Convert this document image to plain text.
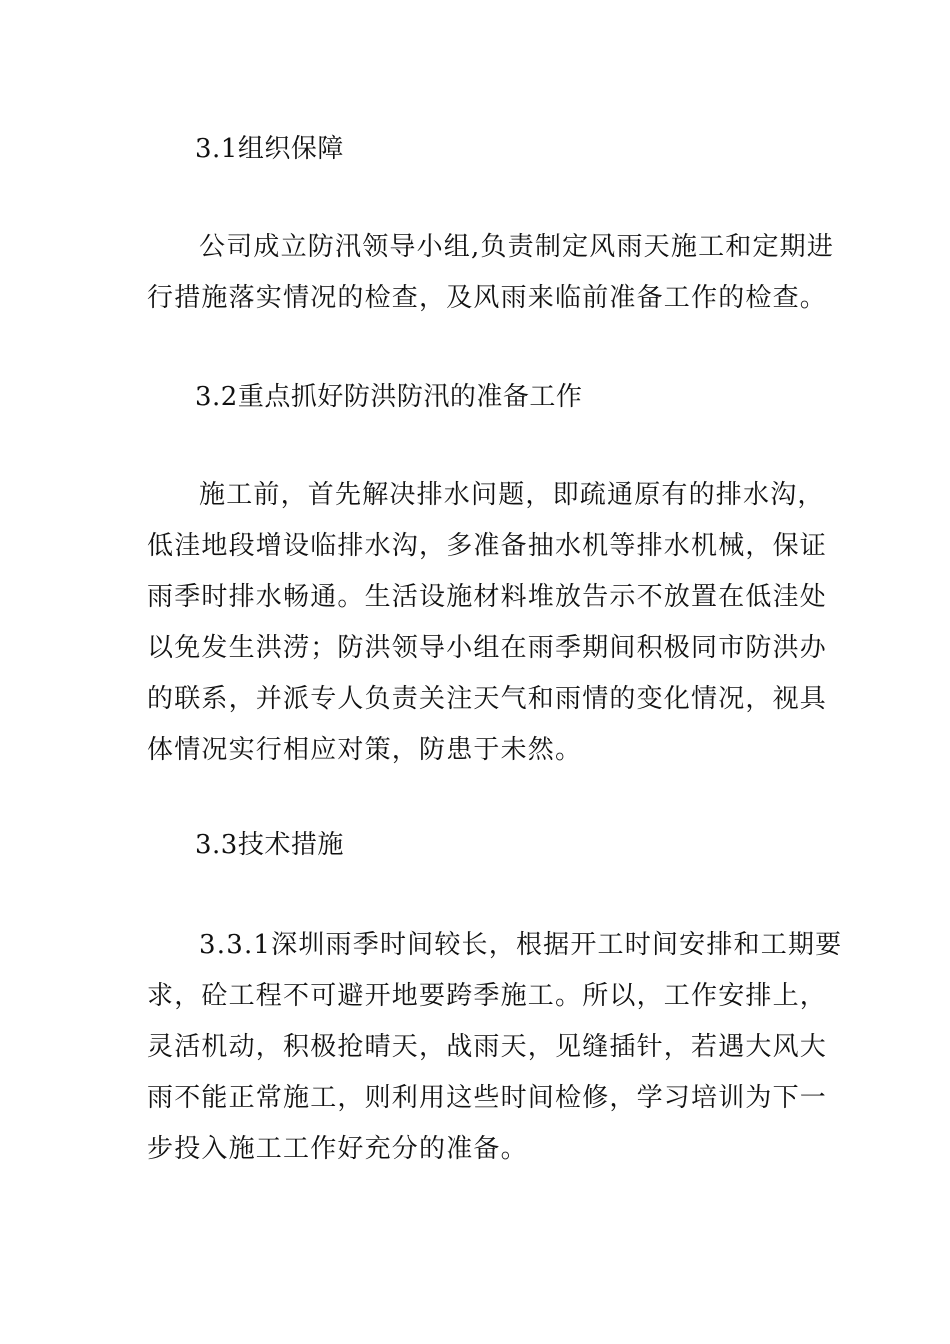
3.1组织保障
公司成立防汛领导小组,负责制定风雨天施工和定期进
行措施落实情况的检查，及风雨来临前准备工作的检查。
3.2重点抓好防洪防汛的准备工作
施工前，首先解决排水问题，即疏通原有的排水沟，
低洼地段增设临排水沟，多准备抽水机等排水机械，保证
雨季时排水畅通。生活设施材料堆放告示不放置在低洼处
以免发生洪涝；防洪领导小组在雨季期间积极同市防洪办
的联系，并派专人负责关注天气和雨情的变化情况，视具
体情况实行相应对策，防患于未然。
3.3技术措施
3.3.1深圳雨季时间较长，根据开工时间安排和工期要
求，砼工程不可避开地要跨季施工。所以，工作安排上，
灵活机动，积极抢晴天，战雨天，见缝插针，若遇大风大
雨不能正常施工，则利用这些时间检修，学习培训为下一
步投入施工工作好充分的准备。
